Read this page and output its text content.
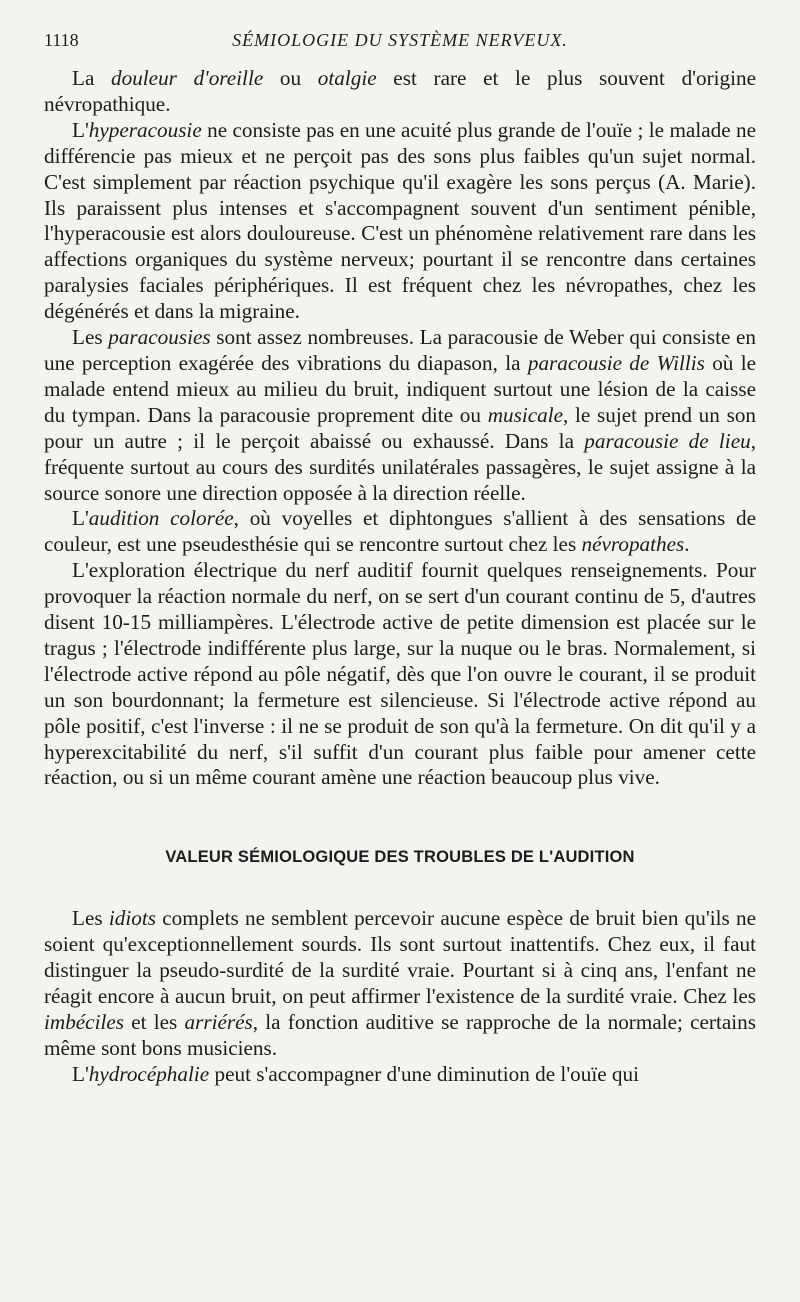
1118	SÉMIOLOGIE DU SYSTÈME NERVEUX.

La douleur d'oreille ou otalgie est rare et le plus souvent d'origine névropathique.

L'hyperacousie ne consiste pas en une acuité plus grande de l'ouïe ; le malade ne différencie pas mieux et ne perçoit pas des sons plus faibles qu'un sujet normal. C'est simplement par réaction psychique qu'il exagère les sons perçus (A. Marie). Ils paraissent plus intenses et s'accompagnent souvent d'un sentiment pénible, l'hyperacousie est alors douloureuse. C'est un phénomène relativement rare dans les affections organiques du système nerveux; pourtant il se rencontre dans certaines paralysies faciales périphériques. Il est fréquent chez les névropathes, chez les dégénérés et dans la migraine.

Les paracousies sont assez nombreuses. La paracousie de Weber qui consiste en une perception exagérée des vibrations du diapason, la paracousie de Willis où le malade entend mieux au milieu du bruit, indiquent surtout une lésion de la caisse du tympan. Dans la paracousie proprement dite ou musicale, le sujet prend un son pour un autre ; il le perçoit abaissé ou exhaussé. Dans la paracousie de lieu, fréquente surtout au cours des surdités unilatérales passagères, le sujet assigne à la source sonore une direction opposée à la direction réelle.

L'audition colorée, où voyelles et diphtongues s'allient à des sensations de couleur, est une pseudesthésie qui se rencontre surtout chez les névropathes.

L'exploration électrique du nerf auditif fournit quelques renseignements. Pour provoquer la réaction normale du nerf, on se sert d'un courant continu de 5, d'autres disent 10-15 milliampères. L'électrode active de petite dimension est placée sur le tragus ; l'électrode indifférente plus large, sur la nuque ou le bras. Normalement, si l'électrode active répond au pôle négatif, dès que l'on ouvre le courant, il se produit un son bourdonnant; la fermeture est silencieuse. Si l'électrode active répond au pôle positif, c'est l'inverse : il ne se produit de son qu'à la fermeture. On dit qu'il y a hyperexcitabilité du nerf, s'il suffit d'un courant plus faible pour amener cette réaction, ou si un même courant amène une réaction beaucoup plus vive.

VALEUR SÉMIOLOGIQUE DES TROUBLES DE L'AUDITION

Les idiots complets ne semblent percevoir aucune espèce de bruit bien qu'ils ne soient qu'exceptionnellement sourds. Ils sont surtout inattentifs. Chez eux, il faut distinguer la pseudo-surdité de la surdité vraie. Pourtant si à cinq ans, l'enfant ne réagit encore à aucun bruit, on peut affirmer l'existence de la surdité vraie. Chez les imbéciles et les arriérés, la fonction auditive se rapproche de la normale; certains même sont bons musiciens.

L'hydrocéphalie peut s'accompagner d'une diminution de l'ouïe qui
